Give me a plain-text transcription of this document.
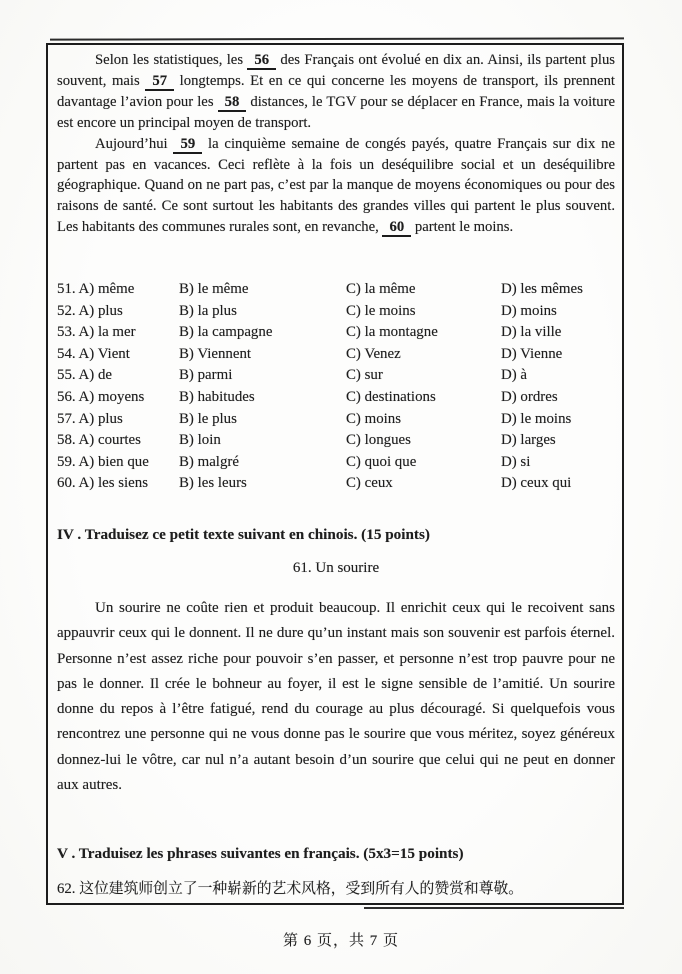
Selon les statistiques, les 56 des Français ont évolué en dix an. Ainsi, ils partent plus souvent, mais 57 longtemps. Et en ce qui concerne les moyens de transport, ils prennent davantage l’avion pour les 58 distances, le TGV pour se déplacer en France, mais la voiture est encore un principal moyen de transport.

Aujourd’hui 59 la cinquième semaine de congés payés, quatre Français sur dix ne partent pas en vacances. Ceci reflète à la fois un deséquilibre social et un deséquilibre géographique. Quand on ne part pas, c’est par la manque de moyens économiques ou pour des raisons de santé. Ce sont surtout les habitants des grandes villes qui partent le plus souvent. Les habitants des communes rurales sont, en revanche, 60 partent le moins.

51. A) même	B) le même	C) la même	D) les mêmes
52. A) plus	B) la plus	C) le moins	D) moins
53. A) la mer	B) la campagne	C) la montagne	D) la ville
54. A) Vient	B) Viennent	C) Venez	D) Vienne
55. A) de	B) parmi	C) sur	D) à
56. A) moyens	B) habitudes	C) destinations	D) ordres
57. A) plus	B) le plus	C) moins	D) le moins
58. A) courtes	B) loin	C) longues	D) larges
59. A) bien que	B) malgré	C) quoi que	D) si
60. A) les siens	B) les leurs	C) ceux	D) ceux qui
IV . Traduisez ce petit texte suivant en chinois. (15 points)
61. Un sourire

Un sourire ne coûte rien et produit beaucoup. Il enrichit ceux qui le recoivent sans appauvrir ceux qui le donnent. Il ne dure qu’un instant mais son souvenir est parfois éternel. Personne n’est assez riche pour pouvoir s’en passer, et personne n’est trop pauvre pour ne pas le donner. Il crée le bohneur au foyer, il est le signe sensible de l’amitié. Un sourire donne du repos à l’être fatigué, rend du courage au plus découragé. Si quelquefois vous rencontrez une personne qui ne vous donne pas le sourire que vous méritez, soyez généreux donnez-lui le vôtre, car nul n’a autant besoin d’un sourire que celui qui ne peut en donner aux autres.

V . Traduisez les phrases suivantes en français. (5x3=15 points)

62. 这位建筑师创立了一种崭新的艺术风格，受到所有人的赞赏和尊敬。

第 6 页，共 7 页
